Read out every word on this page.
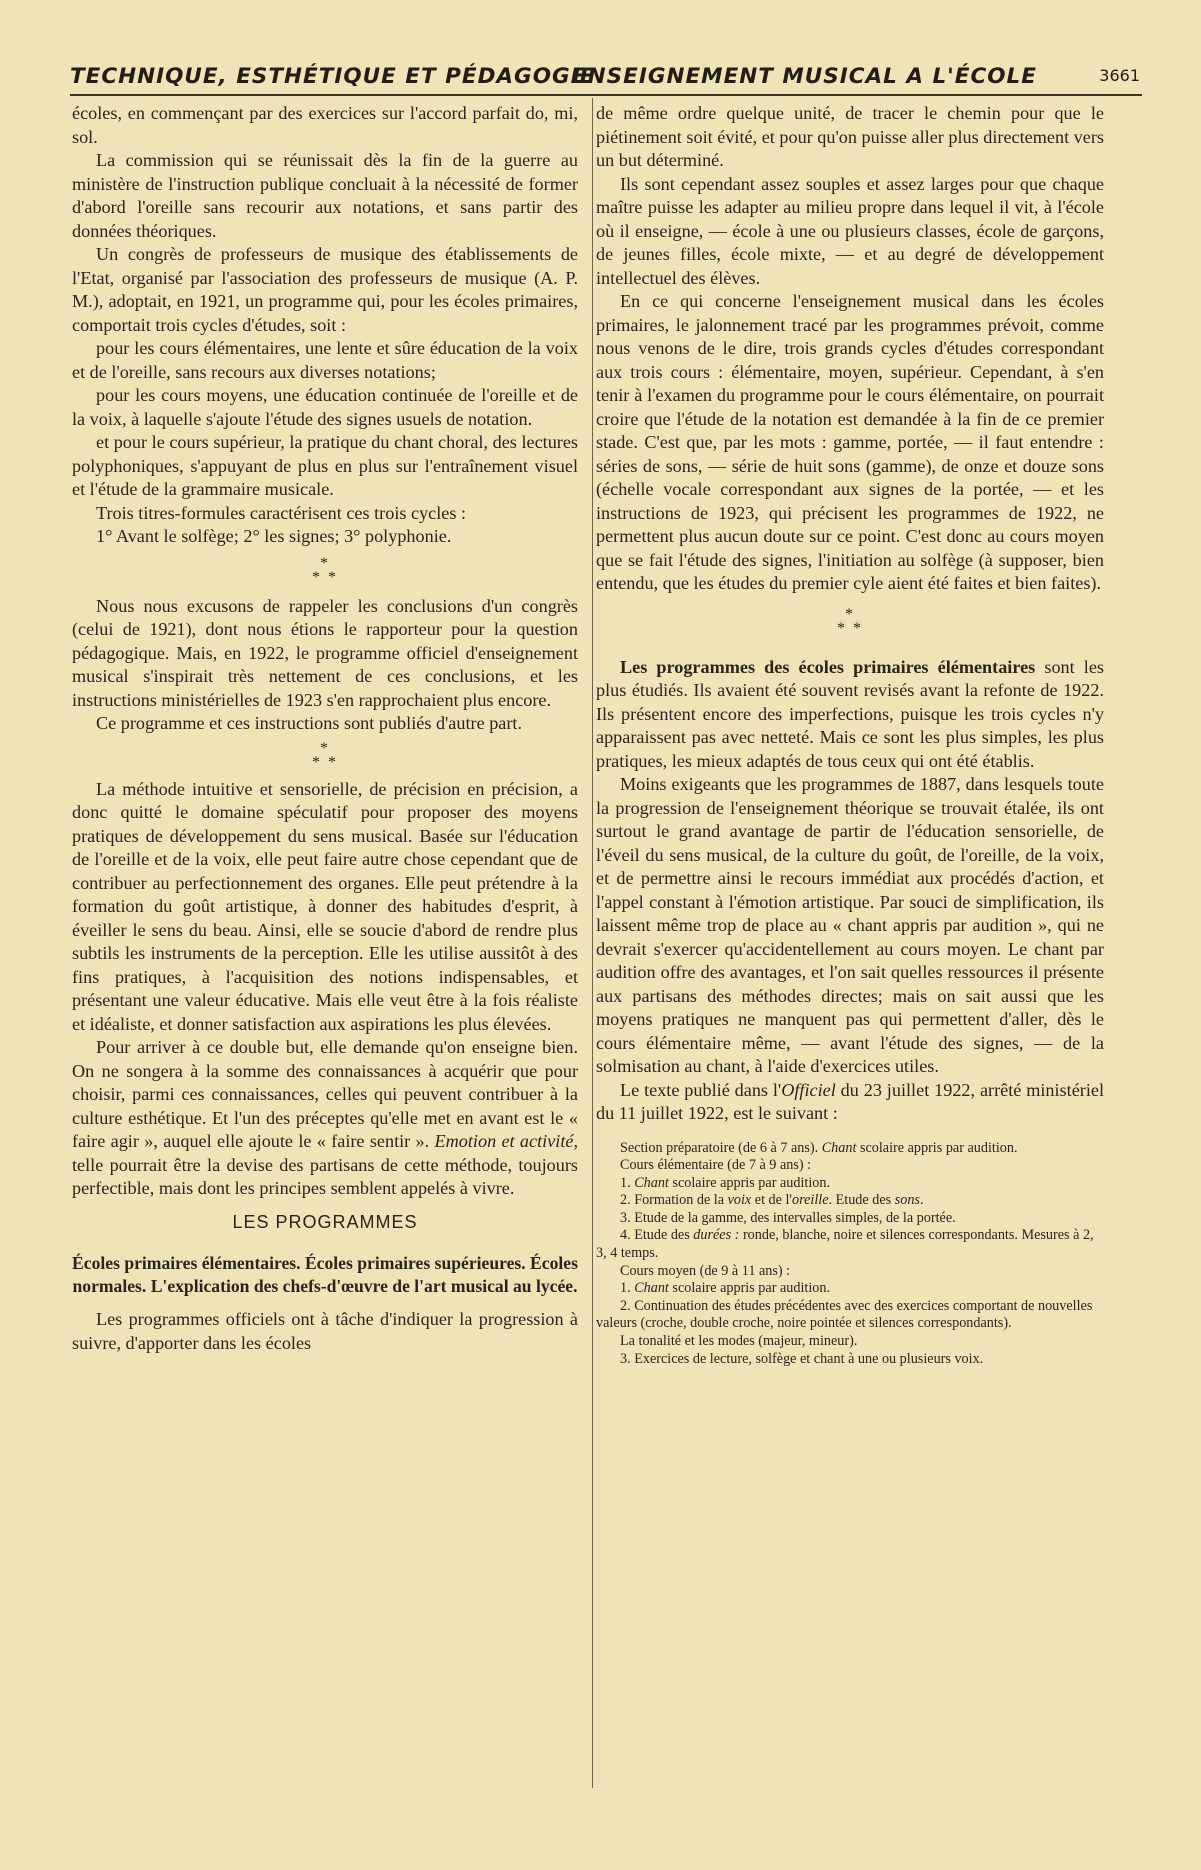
TECHNIQUE, ESTHÉTIQUE ET PÉDAGOGIE
ENSEIGNEMENT MUSICAL A L'ÉCOLE	3661

écoles, en commençant par des exercices sur l'accord parfait do, mi, sol.

La commission qui se réunissait dès la fin de la guerre au ministère de l'instruction publique concluait à la nécessité de former d'abord l'oreille sans recourir aux notations, et sans partir des données théoriques.

Un congrès de professeurs de musique des établissements de l'Etat, organisé par l'association des professeurs de musique (A. P. M.), adoptait, en 1921, un programme qui, pour les écoles primaires, comportait trois cycles d'études, soit :

pour les cours élémentaires, une lente et sûre éducation de la voix et de l'oreille, sans recours aux diverses notations;

pour les cours moyens, une éducation continuée de l'oreille et de la voix, à laquelle s'ajoute l'étude des signes usuels de notation.

et pour le cours supérieur, la pratique du chant choral, des lectures polyphoniques, s'appuyant de plus en plus sur l'entraînement visuel et l'étude de la grammaire musicale.

Trois titres-formules caractérisent ces trois cycles :
1° Avant le solfège; 2° les signes; 3° polyphonie.

*
* *

Nous nous excusons de rappeler les conclusions d'un congrès (celui de 1921), dont nous étions le rapporteur pour la question pédagogique. Mais, en 1922, le programme officiel d'enseignement musical s'inspirait très nettement de ces conclusions, et les instructions ministérielles de 1923 s'en rapprochaient plus encore.

Ce programme et ces instructions sont publiés d'autre part.

*
* *

La méthode intuitive et sensorielle, de précision en précision, a donc quitté le domaine spéculatif pour proposer des moyens pratiques de développement du sens musical. Basée sur l'éducation de l'oreille et de la voix, elle peut faire autre chose cependant que de contribuer au perfectionnement des organes. Elle peut prétendre à la formation du goût artistique, à donner des habitudes d'esprit, à éveiller le sens du beau. Ainsi, elle se soucie d'abord de rendre plus subtils les instruments de la perception. Elle les utilise aussitôt à des fins pratiques, à l'acquisition des notions indispensables, et présentant une valeur éducative. Mais elle veut être à la fois réaliste et idéaliste, et donner satisfaction aux aspirations les plus élevées.

Pour arriver à ce double but, elle demande qu'on enseigne bien. On ne songera à la somme des connaissances à acquérir que pour choisir, parmi ces connaissances, celles qui peuvent contribuer à la culture esthétique. Et l'un des préceptes qu'elle met en avant est le « faire agir », auquel elle ajoute le « faire sentir ». Emotion et activité, telle pourrait être la devise des partisans de cette méthode, toujours perfectible, mais dont les principes semblent appelés à vivre.

LES PROGRAMMES
Écoles primaires élémentaires. Écoles primaires supérieures. Écoles normales. L'explication des chefs-d'œuvre de l'art musical au lycée.

Les programmes officiels ont à tâche d'indiquer la progression à suivre, d'apporter dans les écoles

de même ordre quelque unité, de tracer le chemin pour que le piétinement soit évité, et pour qu'on puisse aller plus directement vers un but déterminé.

Ils sont cependant assez souples et assez larges pour que chaque maître puisse les adapter au milieu propre dans lequel il vit, à l'école où il enseigne, — école à une ou plusieurs classes, école de garçons, de jeunes filles, école mixte, — et au degré de développement intellectuel des élèves.

En ce qui concerne l'enseignement musical dans les écoles primaires, le jalonnement tracé par les programmes prévoit, comme nous venons de le dire, trois grands cycles d'études correspondant aux trois cours : élémentaire, moyen, supérieur. Cependant, à s'en tenir à l'examen du programme pour le cours élémentaire, on pourrait croire que l'étude de la notation est demandée à la fin de ce premier stade. C'est que, par les mots : gamme, portée, — il faut entendre : séries de sons, — série de huit sons (gamme), de onze et douze sons (échelle vocale correspondant aux signes de la portée, — et les instructions de 1923, qui précisent les programmes de 1922, ne permettent plus aucun doute sur ce point. C'est donc au cours moyen que se fait l'étude des signes, l'initiation au solfège (à supposer, bien entendu, que les études du premier cyle aient été faites et bien faites).

*
* *

Les programmes des écoles primaires élémentaires sont les plus étudiés. Ils avaient été souvent revisés avant la refonte de 1922. Ils présentent encore des imperfections, puisque les trois cycles n'y apparaissent pas avec netteté. Mais ce sont les plus simples, les plus pratiques, les mieux adaptés de tous ceux qui ont été établis.

Moins exigeants que les programmes de 1887, dans lesquels toute la progression de l'enseignement théorique se trouvait étalée, ils ont surtout le grand avantage de partir de l'éducation sensorielle, de l'éveil du sens musical, de la culture du goût, de l'oreille, de la voix, et de permettre ainsi le recours immédiat aux procédés d'action, et l'appel constant à l'émotion artistique. Par souci de simplification, ils laissent même trop de place au « chant appris par audition », qui ne devrait s'exercer qu'accidentellement au cours moyen. Le chant par audition offre des avantages, et l'on sait quelles ressources il présente aux partisans des méthodes directes; mais on sait aussi que les moyens pratiques ne manquent pas qui permettent d'aller, dès le cours élémentaire même, — avant l'étude des signes, — de la solmisation au chant, à l'aide d'exercices utiles.

Le texte publié dans l'Officiel du 23 juillet 1922, arrêté ministériel du 11 juillet 1922, est le suivant :

Section préparatoire (de 6 à 7 ans). Chant scolaire appris par audition.

Cours élémentaire (de 7 à 9 ans) :

1. Chant scolaire appris par audition.

2. Formation de la voix et de l'oreille. Etude des sons.

3. Etude de la gamme, des intervalles simples, de la portée.

4. Etude des durées : ronde, blanche, noire et silences correspondants. Mesures à 2, 3, 4 temps.

Cours moyen (de 9 à 11 ans) :

1. Chant scolaire appris par audition.

2. Continuation des études précédentes avec des exercices comportant de nouvelles valeurs (croche, double croche, noire pointée et silences correspondants).

La tonalité et les modes (majeur, mineur).

3. Exercices de lecture, solfège et chant à une ou plusieurs voix.
